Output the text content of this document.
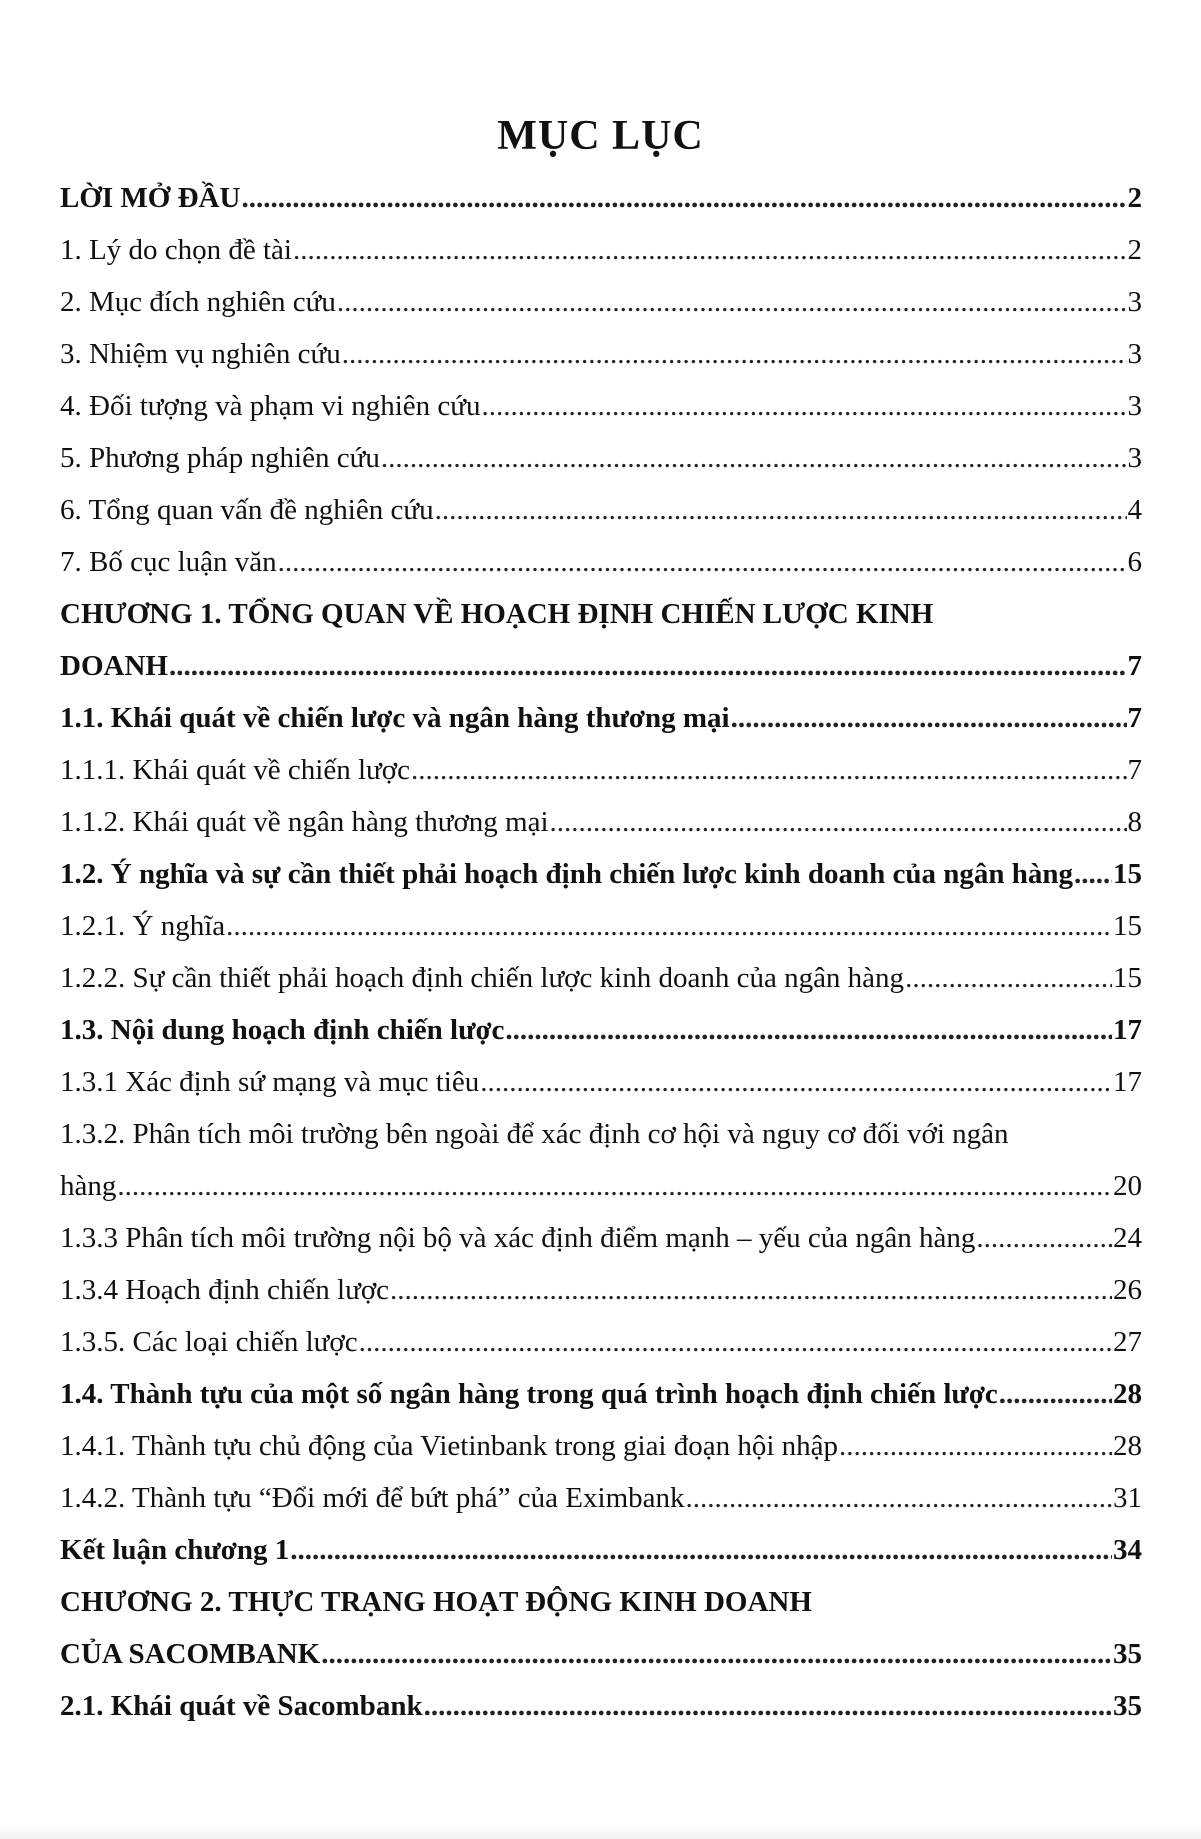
MỤC LỤC
LỜI MỞ ĐẦU .....	2
1. Lý do chọn đề tài .....	2
2. Mục đích nghiên cứu .....	3
3. Nhiệm vụ nghiên cứu .....	3
4. Đối tượng và phạm vi nghiên cứu .....	3
5. Phương pháp nghiên cứu .....	3
6. Tổng quan vấn đề nghiên cứu .....	4
7. Bố cục luận văn .....	6
CHƯƠNG 1. TỔNG QUAN VỀ HOẠCH ĐỊNH CHIẾN LƯỢC KINH
DOANH .....	7
1.1. Khái quát về chiến lược và ngân hàng thương mại .....	7
1.1.1. Khái quát về chiến lược .....	7
1.1.2. Khái quát về ngân hàng thương mại .....	8
1.2. Ý nghĩa và sự cần thiết phải hoạch định chiến lược kinh doanh của ngân hàng ..... 15
1.2.1. Ý nghĩa .....	15
1.2.2. Sự cần thiết phải hoạch định chiến lược kinh doanh của ngân hàng .....	15
1.3. Nội dung hoạch định chiến lược .....	17
1.3.1 Xác định sứ mạng và mục tiêu .....	17
1.3.2. Phân tích môi trường bên ngoài để xác định cơ hội và nguy cơ đối với ngân
hàng .....	20
1.3.3 Phân tích môi trường nội bộ và xác định điểm mạnh – yếu của ngân hàng .....	24
1.3.4 Hoạch định chiến lược .....	26
1.3.5. Các loại chiến lược .....	27
1.4. Thành tựu của một số ngân hàng trong quá trình hoạch định chiến lược .....	28
1.4.1. Thành tựu chủ động của Vietinbank trong giai đoạn hội nhập .....	28
1.4.2. Thành tựu “Đổi mới để bứt phá” của Eximbank .....	31
Kết luận chương 1 .....	34
CHƯƠNG 2. THỰC TRẠNG HOẠT ĐỘNG KINH DOANH
CỦA SACOMBANK .....	35
2.1. Khái quát về Sacombank .....	35
